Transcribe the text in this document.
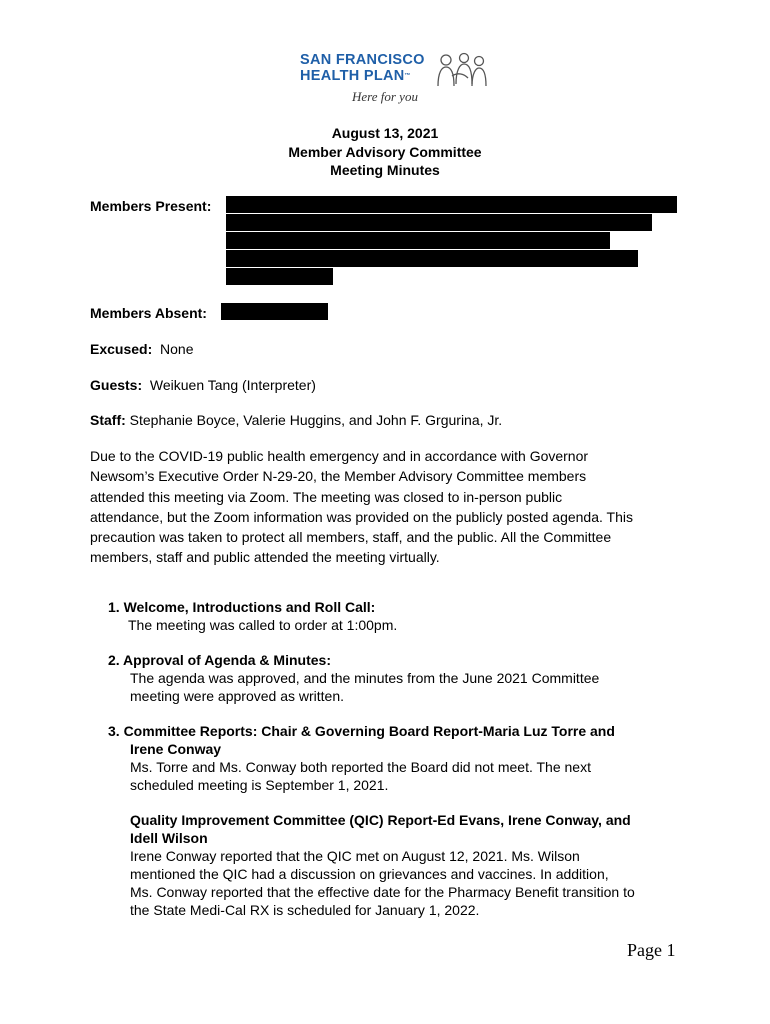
SAN FRANCISCO
HEALTH PLAN™
Here for you
August 13, 2021
Member Advisory Committee
Meeting Minutes
Members Present:
Members Absent:
Excused: None
Guests: Weikuen Tang (Interpreter)
Staff: Stephanie Boyce, Valerie Huggins, and John F. Grgurina, Jr.
Due to the COVID-19 public health emergency and in accordance with Governor
Newsom’s Executive Order N-29-20, the Member Advisory Committee members
attended this meeting via Zoom. The meeting was closed to in-person public
attendance, but the Zoom information was provided on the publicly posted agenda. This
precaution was taken to protect all members, staff, and the public. All the Committee
members, staff and public attended the meeting virtually.
1. Welcome, Introductions and Roll Call:
The meeting was called to order at 1:00pm.
2. Approval of Agenda & Minutes:
The agenda was approved, and the minutes from the June 2021 Committee
meeting were approved as written.
3. Committee Reports: Chair & Governing Board Report-Maria Luz Torre and
Irene Conway
Ms. Torre and Ms. Conway both reported the Board did not meet. The next
scheduled meeting is September 1, 2021.
Quality Improvement Committee (QIC) Report-Ed Evans, Irene Conway, and
Idell Wilson
Irene Conway reported that the QIC met on August 12, 2021. Ms. Wilson
mentioned the QIC had a discussion on grievances and vaccines. In addition,
Ms. Conway reported that the effective date for the Pharmacy Benefit transition to
the State Medi-Cal RX is scheduled for January 1, 2022.
Page 1
